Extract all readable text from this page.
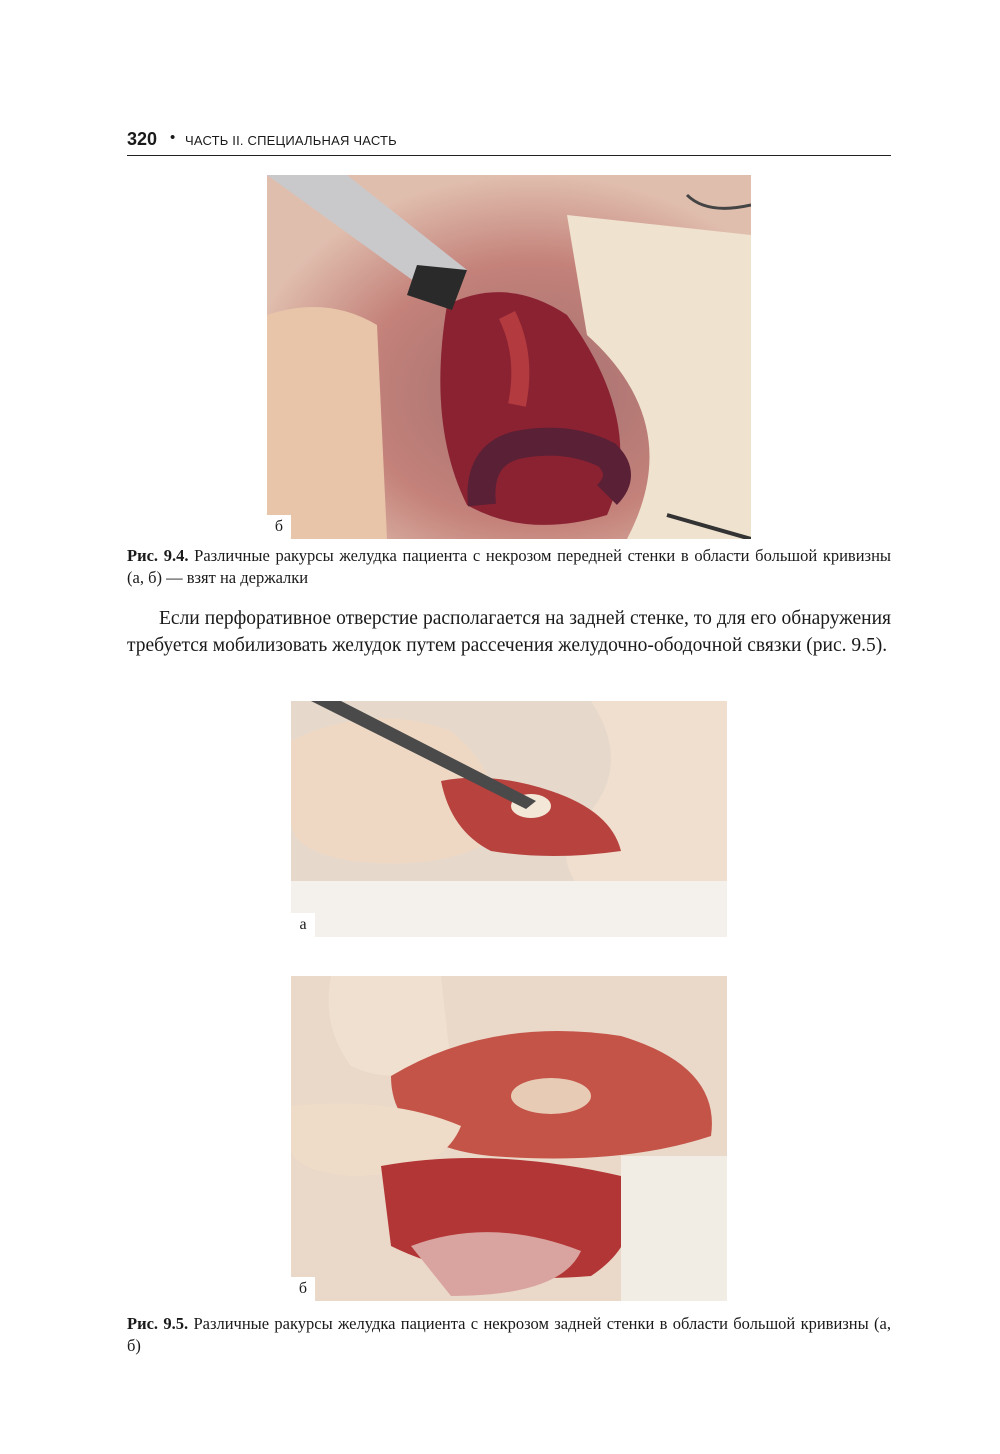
320 • ЧАСТЬ II. СПЕЦИАЛЬНАЯ ЧАСТЬ
б
Рис. 9.4. Различные ракурсы желудка пациента с некрозом передней стенки в области большой кривизны (а, б) — взят на держалки
Если перфоративное отверстие располагается на задней стенке, то для его обнаружения требуется мобилизовать желудок путем рассечения желудочно-ободочной связки (рис. 9.5).
а
б
Рис. 9.5. Различные ракурсы желудка пациента с некрозом задней стенки в области большой кривизны (а, б)
